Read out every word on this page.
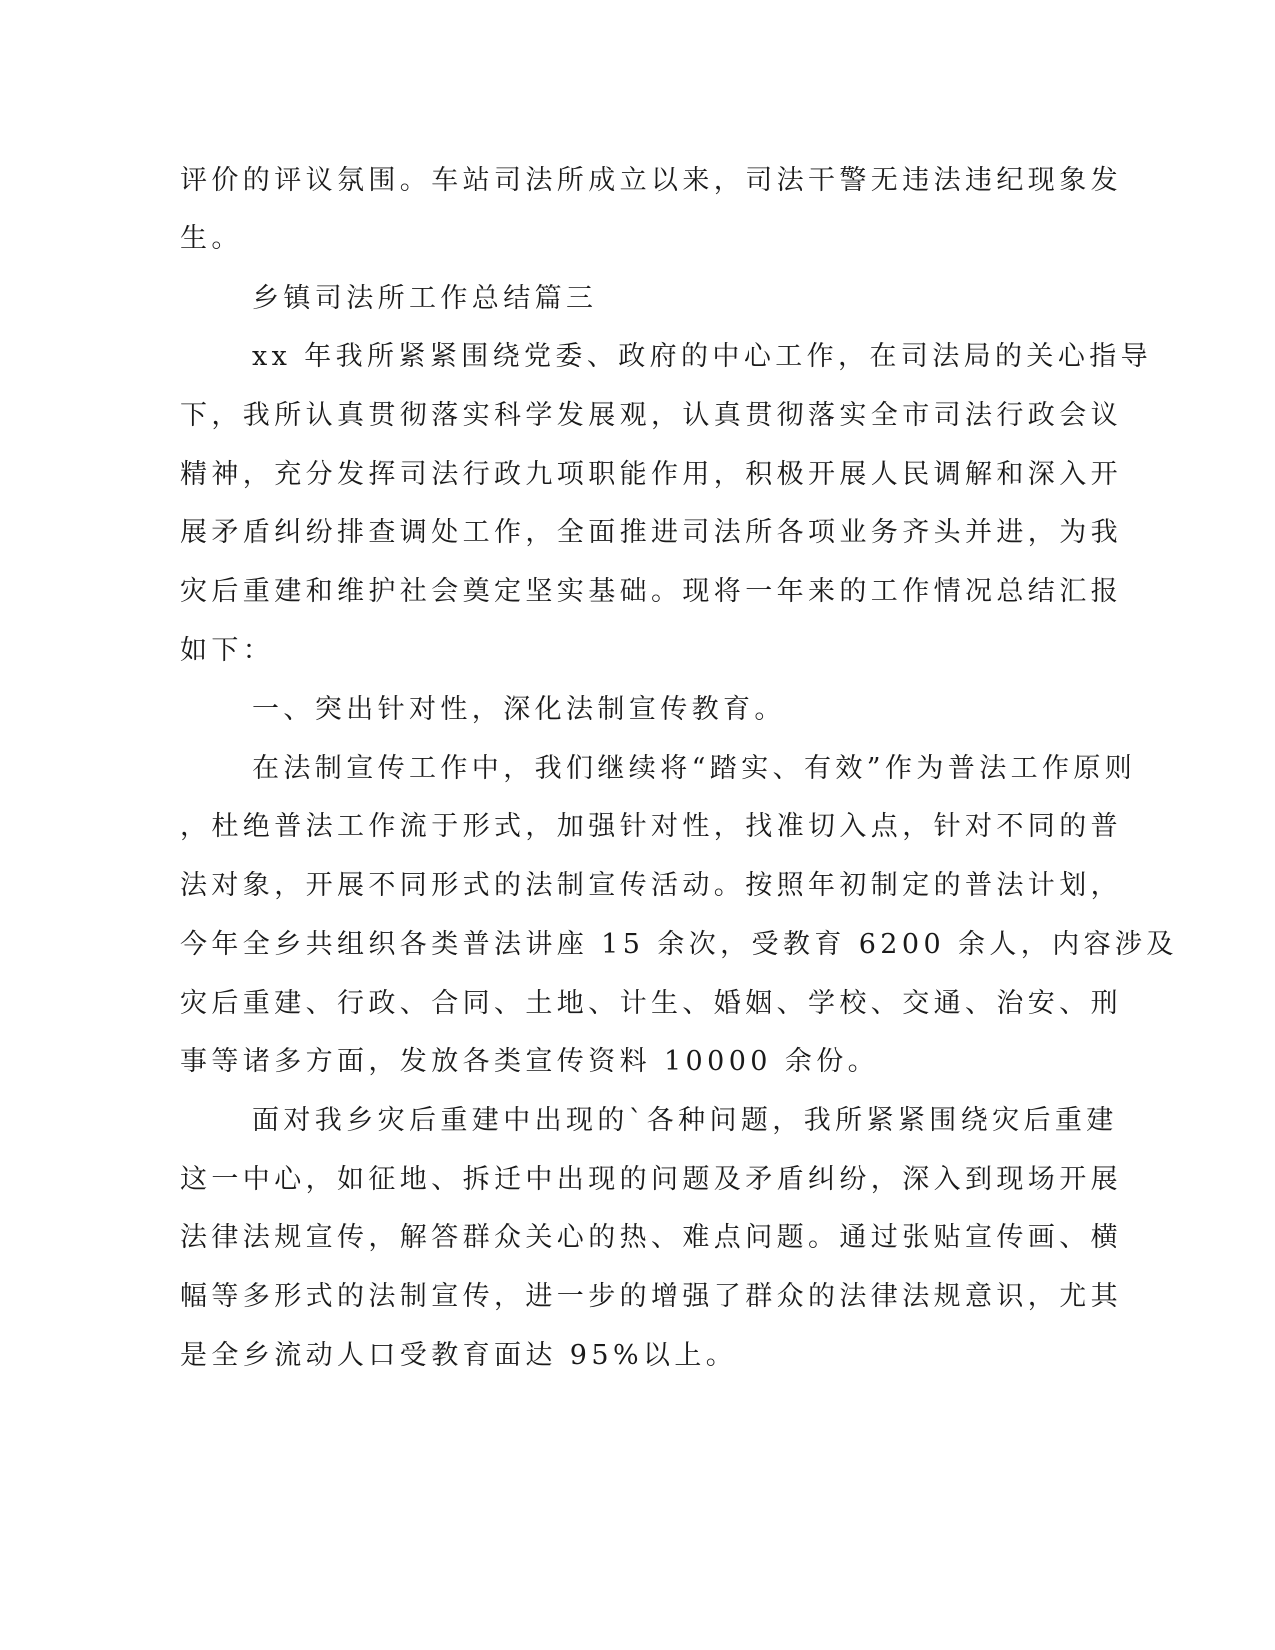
评价的评议氛围。车站司法所成立以来，司法干警无违法违纪现象发
生。
乡镇司法所工作总结篇三
xx 年我所紧紧围绕党委、政府的中心工作，在司法局的关心指导
下，我所认真贯彻落实科学发展观，认真贯彻落实全市司法行政会议
精神，充分发挥司法行政九项职能作用，积极开展人民调解和深入开
展矛盾纠纷排查调处工作，全面推进司法所各项业务齐头并进，为我
灾后重建和维护社会奠定坚实基础。现将一年来的工作情况总结汇报
如下：
一、突出针对性，深化法制宣传教育。
在法制宣传工作中，我们继续将“踏实、有效”作为普法工作原则
，杜绝普法工作流于形式，加强针对性，找准切入点，针对不同的普
法对象，开展不同形式的法制宣传活动。按照年初制定的普法计划，
今年全乡共组织各类普法讲座 15 余次，受教育 6200 余人，内容涉及
灾后重建、行政、合同、土地、计生、婚姻、学校、交通、治安、刑
事等诸多方面，发放各类宣传资料 10000 余份。
面对我乡灾后重建中出现的`各种问题，我所紧紧围绕灾后重建
这一中心，如征地、拆迁中出现的问题及矛盾纠纷，深入到现场开展
法律法规宣传，解答群众关心的热、难点问题。通过张贴宣传画、横
幅等多形式的法制宣传，进一步的增强了群众的法律法规意识，尤其
是全乡流动人口受教育面达 95%以上。
